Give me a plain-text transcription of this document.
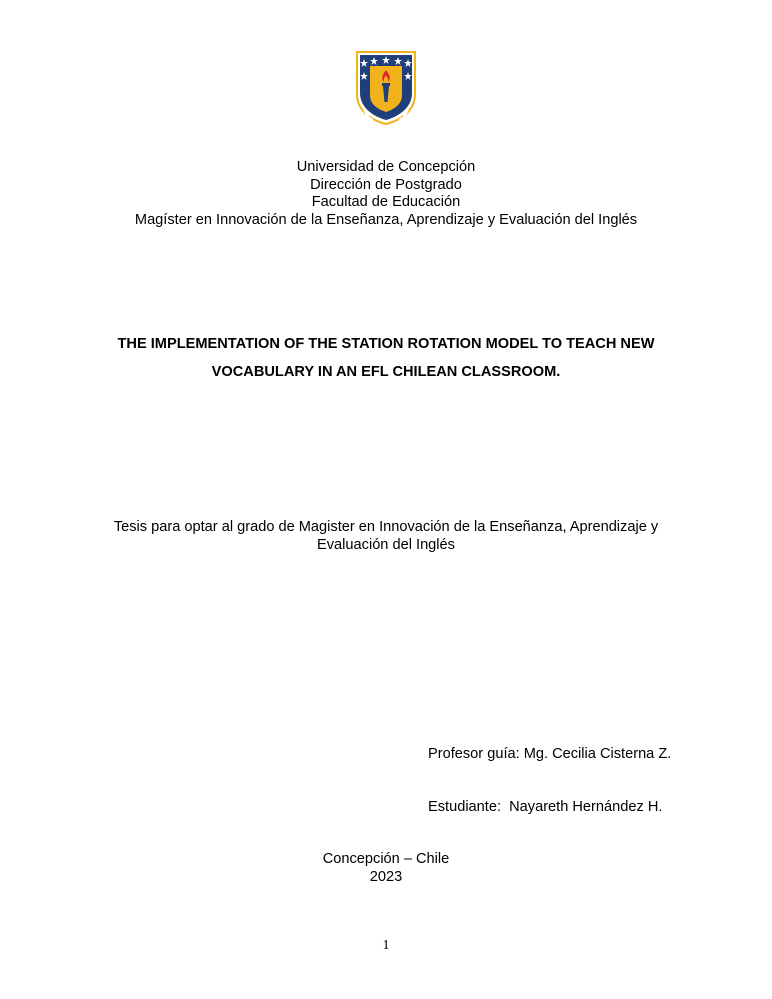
Universidad de Concepción
Dirección de Postgrado
Facultad de Educación
Magíster en Innovación de la Enseñanza, Aprendizaje y Evaluación del Inglés
THE IMPLEMENTATION OF THE STATION ROTATION MODEL TO TEACH NEW
VOCABULARY IN AN EFL CHILEAN CLASSROOM.
Tesis para optar al grado de Magister en Innovación de la Enseñanza, Aprendizaje y
Evaluación del Inglés

Profesor guía: Mg. Cecilia Cisterna Z.

Estudiante:  Nayareth Hernández H.

Concepción – Chile
2023
1
